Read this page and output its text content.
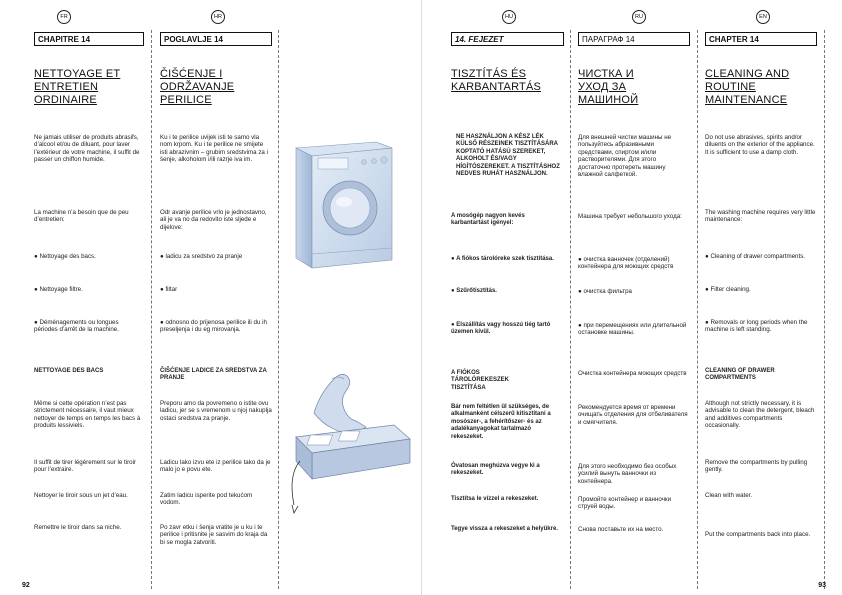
FR
CHAPITRE 14
NETTOYAGE ET ENTRETIEN ORDINAIRE
Ne jamais utiliser de produits abrasifs, d’alcool et/ou de diluant, pour laver l’extérieur de votre machine, il suffit de passer un chiffon humide.
La machine n’a besoin que de peu d’entretien:
● Nettoyage des bacs.
● Nettoyage filtre.
● Déménagements ou longues périodes d’arrêt de la machine.
NETTOYAGE DES BACS
Même si cette opération n’est pas strictement nécessaire, il vaut mieux nettoyer de temps en temps les bacs à produits lessiviels.
Il suffit de tirer légèrement sur le tiroir pour l’extraire.
Nettoyer le tiroir sous un jet d’eau.
Remettre le tiroir dans sa niche.
HR
POGLAVLJE 14
ČIŠĆENJE I ODRŽAVANJE PERILICE
Ku i te perilice uvijek isti te samo vla nom krpom. Ku i te perilice ne smijete isti abrazivnim – grubim sredstvima za i šenje, alkoholom i/ili razrje iva im.
Odr avanje perilice vrlo je jednostavno, ali je va no da redovito iste sljede e dijelove:
● ladicu za sredstvo za pranje
● filtar
● odnosno do prijenosa perilice ili du ih preseljenja i du eg mirovanja.
ČIŠĆENJE LADICE ZA SREDSTVA ZA PRANJE
Preporu amo da povremeno o istite ovu ladicu, jer se s vremenom u njoj nakuplja ostaci sredstva za pranje.
Ladicu lako izvu ete iz perilice tako da je malo jo e povu ete.
Zatim ladicu isperite pod tekućom vodom.
Po zavr etku i šenja vratite je u ku i te perilice i pritisnite je sasvim do kraja da bi se mogla zatvoriti.
HU
14. FEJEZET
TISZTÍTÁS ÉS KARBANTARTÁS
NE HASZNÁLJON A KÉSZ LÉK KÜLSŐ RÉSZEINEK TISZTÍTÁSÁRA KOPTATÓ HATÁSÚ SZEREKET, ALKOHOLT ÉS/VAGY HÍGÍTÓSZEREKET. A TISZTÍTÁSHOZ NEDVES RUHÁT HASZNÁLJON.
A mosógép nagyon kevés karbantartást igényel:
● A fiókos tárolóreke szek tisztítása.
● Szűrőtisztítás.
● Elszállítás vagy hosszú tiég tartó üzemen kívül.
A FIÓKOS TÁROLÓREKESZEK TISZTÍTÁSA
Bár nem feltétlen ül szükséges, de alkalmanként célszerű kitisztítani a mosószer-, a fehérítőszer- és az adalékanyagokat tartalmazó rekeszeket.
Óvatosan meghúzva vegye ki a rekeszeket.
Tisztítsa le vízzel a rekeszeket.
Tegye vissza a rekeszeket a helyükre.
RU
ПАРАГРАФ 14
ЧИСТКА И УХОД ЗА МАШИНОЙ
Для внешней чистки машины не пользуйтесь абразивными средствами, спиртом и/или растворителями. Для этого достаточно протереть машину влажной салфеткой.
Машина требует небольшого ухода:
● очистка ванночек (отделений) контейнера для моющих средств
● очистка фильтра
● при перемещениях или длительной остановке машины.
Очистка контейнера моющих средств
Рекомендуется время от времени очищать отделения для отбеливателя и смягчителя.
Для этого необходимо без особых усилий вынуть ванночки из контейнера.
Промойте контейнер и ванночки струей воды.
Снова поставьте их на место.
EN
CHAPTER 14
CLEANING AND ROUTINE MAINTENANCE
Do not use abrasives, spirits and/or diluents on the exterior of the appliance. It is sufficient to use a damp cloth.
The washing machine requires very little maintenance:
● Cleaning of drawer compartments.
● Filter cleaning.
● Removals or long periods when the machine is left standing.
CLEANING OF DRAWER COMPARTMENTS
Although not strictly necessary, it is advisable to clean the detergent, bleach and additives compartments occasionally.
Remove the compartments by pulling gently.
Clean with water.
Put the compartments back into place.
92	93
